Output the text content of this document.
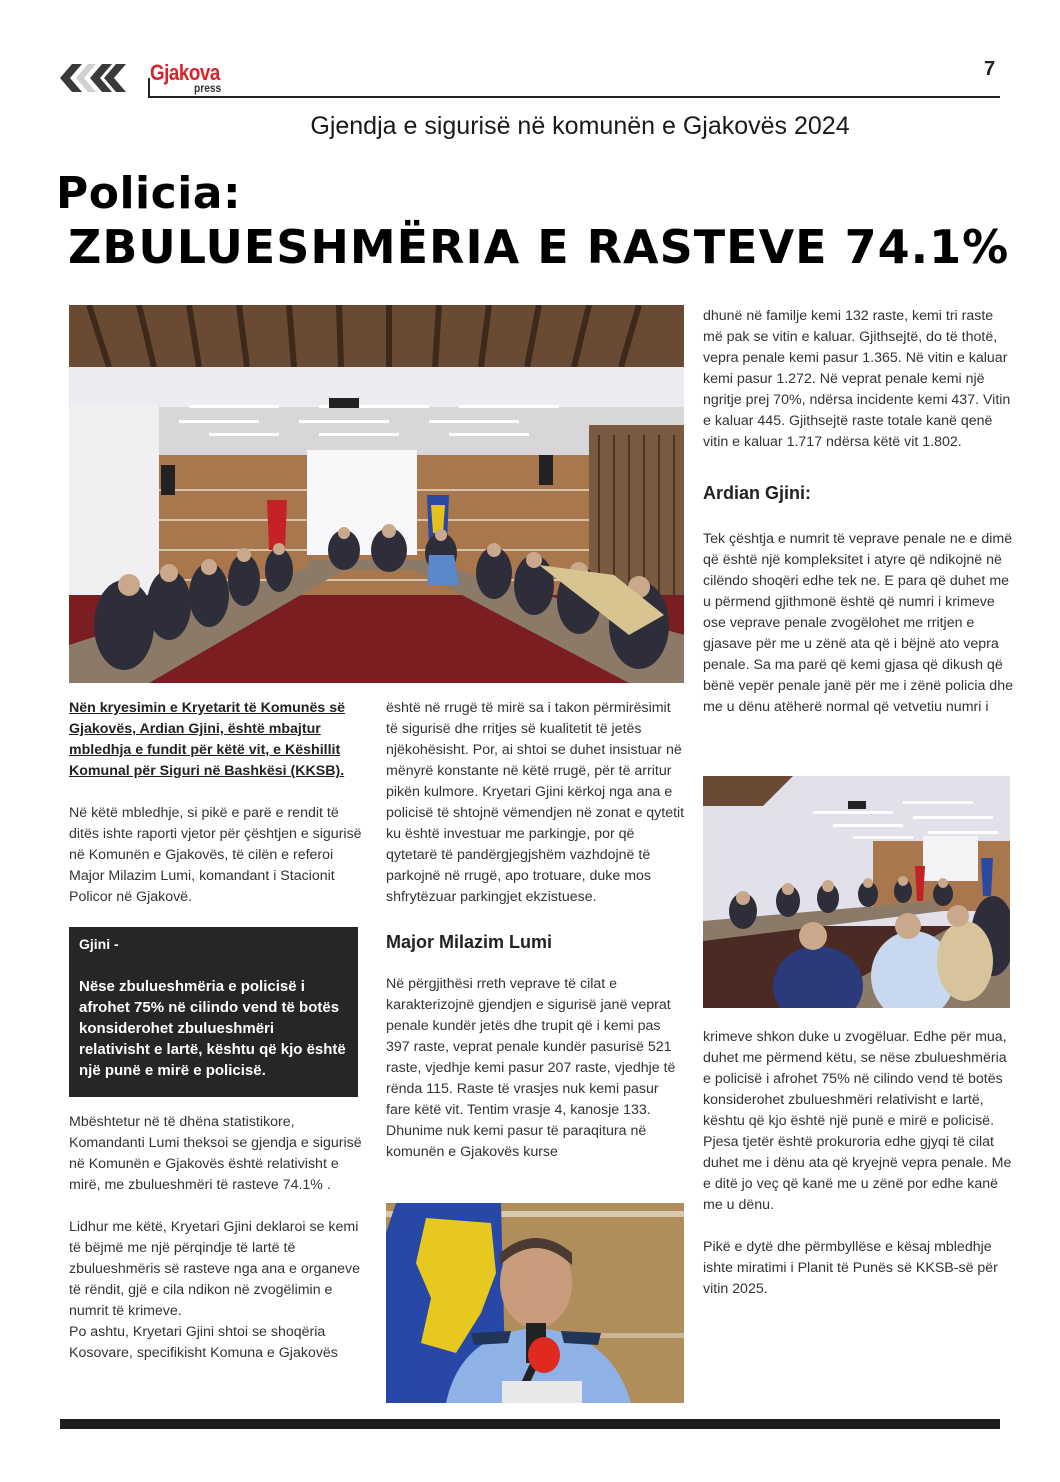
Gjakova
press
7
Gjendja e sigurisë në komunën e Gjakovës 2024
Policia:
ZBULUESHMËRIA E RASTEVE 74.1%

Nën kryesimin e Kryetarit të Komunës së Gjakovës, Ardian Gjini, është mbajtur mbledhja e fundit për këtë vit, e Këshillit Komunal për Siguri në Bashkësi (KKSB).

Në këtë mbledhje, si pikë e parë e rendit të ditës ishte raporti vjetor për çështjen e sigurisë në Komunën e Gjakovës, të cilën e referoi Major Milazim Lumi, komandant i Stacionit Policor në Gjakovë.

Gjini -
Nëse zbulueshmëria e policisë i afrohet 75% në cilindo vend të botës konsiderohet zbulueshmëri relativisht e lartë, kështu që kjo është një punë e mirë e policisë.

Mbështetur në të dhëna statistikore, Komandanti Lumi theksoi se gjendja e sigurisë në Komunën e Gjakovës është relativisht e mirë, me zbulueshmëri të rasteve 74.1% .

Lidhur me këtë, Kryetari Gjini deklaroi se kemi të bëjmë me një përqindje të lartë të zbulueshmëris së rasteve nga ana e organeve të rëndit, gjë e cila ndikon në zvogëlimin e numrit të krimeve.

Po ashtu, Kryetari Gjini shtoi se shoqëria Kosovare, specifikisht Komuna e Gjakovës

është në rrugë të mirë sa i takon përmirësimit të sigurisë dhe rritjes së kualitetit të jetës njëkohësisht. Por, ai shtoi se duhet insistuar në mënyrë konstante në këtë rrugë, për të arritur pikën kulmore. Kryetari Gjini kërkoj nga ana e policisë të shtojnë vëmendjen në zonat e qytetit ku është investuar me parkingje, por që qytetarë të pandërgjegjshëm vazhdojnë të parkojnë në rrugë, apo trotuare, duke mos shfrytëzuar parkingjet ekzistuese.

Major Milazim Lumi

Në përgjithësi rreth veprave të cilat e karakterizojnë gjendjen e sigurisë janë veprat penale kundër jetës dhe trupit që i kemi pas 397 raste, veprat penale kundër pasurisë 521 raste, vjedhje kemi pasur 207 raste, vjedhje të rënda 115. Raste të vrasjes nuk kemi pasur fare këtë vit. Tentim vrasje 4, kanosje 133. Dhunime nuk kemi pasur të paraqitura në komunën e Gjakovës kurse

dhunë në familje kemi 132 raste, kemi tri raste më pak se vitin e kaluar. Gjithsejtë, do të thotë, vepra penale kemi pasur 1.365. Në vitin e kaluar kemi pasur 1.272. Në veprat penale kemi një ngritje prej 70%, ndërsa incidente kemi 437. Vitin e kaluar 445. Gjithsejtë raste totale kanë qenë vitin e kaluar 1.717 ndërsa këtë vit 1.802.

Ardian Gjini:

Tek çështja e numrit të veprave penale ne e dimë që është një kompleksitet i atyre që ndikojnë në cilëndo shoqëri edhe tek ne. E para që duhet me u përmend gjithmonë është që numri i krimeve ose veprave penale zvogëlohet me rritjen e gjasave për me u zënë ata që i bëjnë ato vepra penale. Sa ma parë që kemi gjasa që dikush që bënë vepër penale janë për me i zënë policia dhe me u dënu atëherë normal që vetvetiu numri i

krimeve shkon duke u zvogëluar. Edhe për mua, duhet me përmend këtu, se nëse zbulueshmëria e policisë i afrohet 75% në cilindo vend të botës konsiderohet zbulueshmëri relativisht e lartë, kështu që kjo është një punë e mirë e policisë. Pjesa tjetër është prokuroria edhe gjyqi të cilat duhet me i dënu ata që kryejnë vepra penale. Me e ditë jo veç që kanë me u zënë por edhe kanë me u dënu.

Pikë e dytë dhe përmbyllëse e kësaj mbledhje ishte miratimi i Planit të Punës së KKSB-së për vitin 2025.
